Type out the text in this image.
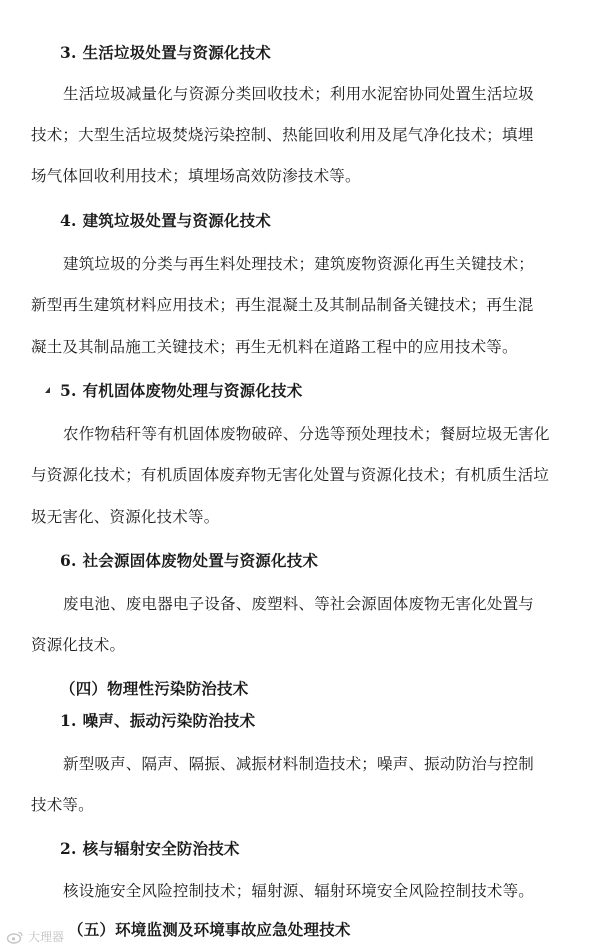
3. 生活垃圾处置与资源化技术
生活垃圾减量化与资源分类回收技术；利用水泥窑协同处置生活垃圾
技术；大型生活垃圾焚烧污染控制、热能回收利用及尾气净化技术；填埋
场气体回收利用技术；填埋场高效防渗技术等。
4. 建筑垃圾处置与资源化技术
建筑垃圾的分类与再生料处理技术；建筑废物资源化再生关键技术；
新型再生建筑材料应用技术；再生混凝土及其制品制备关键技术；再生混
凝土及其制品施工关键技术；再生无机料在道路工程中的应用技术等。
5. 有机固体废物处理与资源化技术
农作物秸秆等有机固体废物破碎、分选等预处理技术；餐厨垃圾无害化
与资源化技术；有机质固体废弃物无害化处置与资源化技术；有机质生活垃
圾无害化、资源化技术等。
6. 社会源固体废物处置与资源化技术
废电池、废电器电子设备、废塑料、等社会源固体废物无害化处置与
资源化技术。
（四）物理性污染防治技术
1. 噪声、振动污染防治技术
新型吸声、隔声、隔振、减振材料制造技术；噪声、振动防治与控制
技术等。
2. 核与辐射安全防治技术
核设施安全风险控制技术；辐射源、辐射环境安全风险控制技术等。
（五）环境监测及环境事故应急处理技术
大理器
